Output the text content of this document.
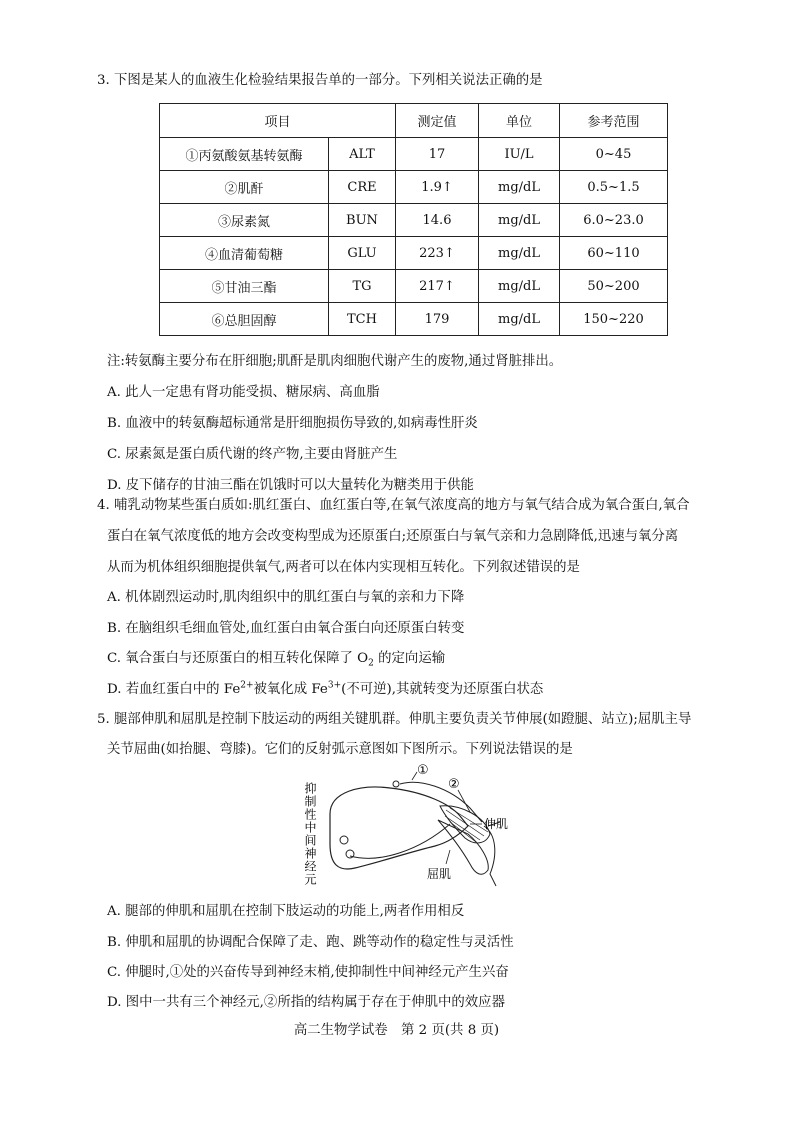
3. 下图是某人的血液生化检验结果报告单的一部分。下列相关说法正确的是
项目		测定值	单位	参考范围
①丙氨酸氨基转氨酶	ALT	17	IU/L	0~45
②肌酐	CRE	1.9↑	mg/dL	0.5~1.5
③尿素氮	BUN	14.6	mg/dL	6.0~23.0
④血清葡萄糖	GLU	223↑	mg/dL	60~110
⑤甘油三酯	TG	217↑	mg/dL	50~200
⑥总胆固醇	TCH	179	mg/dL	150~220
注:转氨酶主要分布在肝细胞;肌酐是肌肉细胞代谢产生的废物,通过肾脏排出。
A. 此人一定患有肾功能受损、糖尿病、高血脂
B. 血液中的转氨酶超标通常是肝细胞损伤导致的,如病毒性肝炎
C. 尿素氮是蛋白质代谢的终产物,主要由肾脏产生
D. 皮下储存的甘油三酯在饥饿时可以大量转化为糖类用于供能
4. 哺乳动物某些蛋白质如:肌红蛋白、血红蛋白等,在氧气浓度高的地方与氧气结合成为氧合蛋白,氧合
蛋白在氧气浓度低的地方会改变构型成为还原蛋白;还原蛋白与氧气亲和力急剧降低,迅速与氧分离
从而为机体组织细胞提供氧气,两者可以在体内实现相互转化。下列叙述错误的是
A. 机体剧烈运动时,肌肉组织中的肌红蛋白与氧的亲和力下降
B. 在脑组织毛细血管处,血红蛋白由氧合蛋白向还原蛋白转变
C. 氧合蛋白与还原蛋白的相互转化保障了 $O_2$ 的定向运输
D. 若血红蛋白中的 $Fe^{2+}$被氧化成 $Fe^{3+}$(不可逆),其就转变为还原蛋白状态
5. 腿部伸肌和屈肌是控制下肢运动的两组关键肌群。伸肌主要负责关节伸展(如蹬腿、站立);屈肌主导
关节屈曲(如抬腿、弯膝)。它们的反射弧示意图如下图所示。下列说法错误的是
抑制性中间神经元
①
②
伸肌
屈肌
A. 腿部的伸肌和屈肌在控制下肢运动的功能上,两者作用相反
B. 伸肌和屈肌的协调配合保障了走、跑、跳等动作的稳定性与灵活性
C. 伸腿时,①处的兴奋传导到神经末梢,使抑制性中间神经元产生兴奋
D. 图中一共有三个神经元,②所指的结构属于存在于伸肌中的效应器
高二生物学试卷　第 2 页(共 8 页)
